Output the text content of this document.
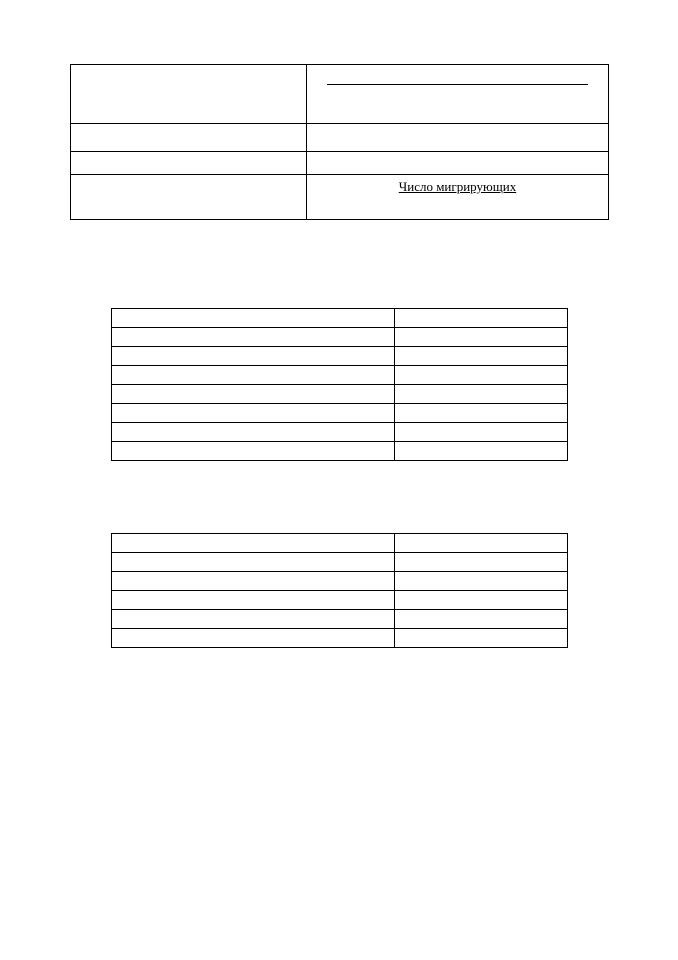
	Число мигрирующих
